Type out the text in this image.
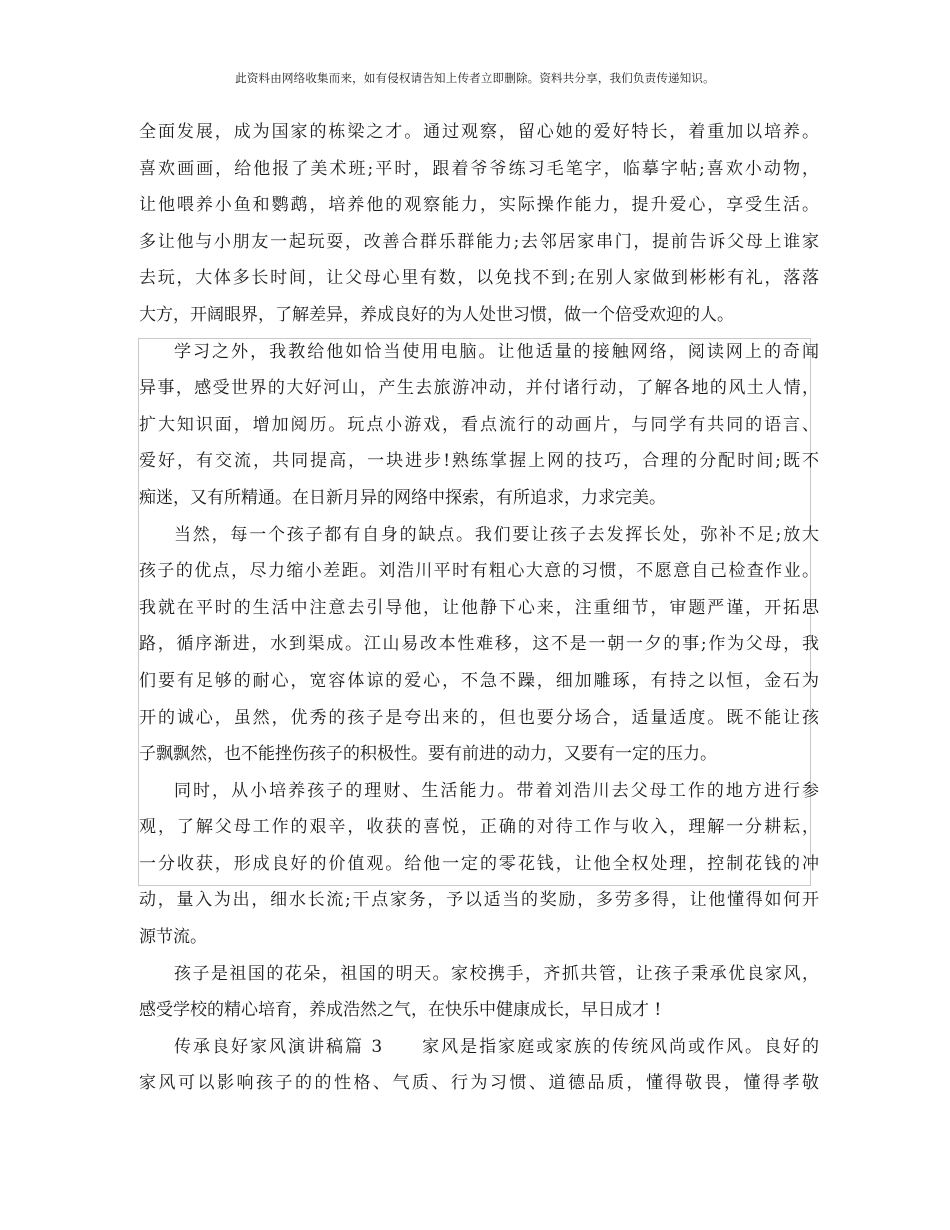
此资料由网络收集而来，如有侵权请告知上传者立即删除。资料共分享，我们负责传递知识。
全面发展，成为国家的栋梁之才。通过观察，留心她的爱好特长，着重加以培养。
喜欢画画，给他报了美术班;平时，跟着爷爷练习毛笔字，临摹字帖;喜欢小动物，
让他喂养小鱼和鹦鹉，培养他的观察能力，实际操作能力，提升爱心，享受生活。
多让他与小朋友一起玩耍，改善合群乐群能力;去邻居家串门，提前告诉父母上谁家
去玩，大体多长时间，让父母心里有数，以免找不到;在别人家做到彬彬有礼，落落
大方，开阔眼界，了解差异，养成良好的为人处世习惯，做一个倍受欢迎的人。
学习之外，我教给他如恰当使用电脑。让他适量的接触网络，阅读网上的奇闻
异事，感受世界的大好河山，产生去旅游冲动，并付诸行动，了解各地的风土人情，
扩大知识面，增加阅历。玩点小游戏，看点流行的动画片，与同学有共同的语言、
爱好，有交流，共同提高，一块进步!熟练掌握上网的技巧，合理的分配时间;既不
痴迷，又有所精通。在日新月异的网络中探索，有所追求，力求完美。
当然，每一个孩子都有自身的缺点。我们要让孩子去发挥长处，弥补不足;放大
孩子的优点，尽力缩小差距。刘浩川平时有粗心大意的习惯，不愿意自己检查作业。
我就在平时的生活中注意去引导他，让他静下心来，注重细节，审题严谨，开拓思
路，循序渐进，水到渠成。江山易改本性难移，这不是一朝一夕的事;作为父母，我
们要有足够的耐心，宽容体谅的爱心，不急不躁，细加雕琢，有持之以恒，金石为
开的诚心，虽然，优秀的孩子是夸出来的，但也要分场合，适量适度。既不能让孩
子飘飘然，也不能挫伤孩子的积极性。要有前进的动力，又要有一定的压力。
同时，从小培养孩子的理财、生活能力。带着刘浩川去父母工作的地方进行参
观，了解父母工作的艰辛，收获的喜悦，正确的对待工作与收入，理解一分耕耘，
一分收获，形成良好的价值观。给他一定的零花钱，让他全权处理，控制花钱的冲
动，量入为出，细水长流;干点家务，予以适当的奖励，多劳多得，让他懂得如何开
源节流。
孩子是祖国的花朵，祖国的明天。家校携手，齐抓共管，让孩子秉承优良家风，
感受学校的精心培育，养成浩然之气，在快乐中健康成长，早日成才 !
传承良好家风演讲稿篇 3　　家风是指家庭或家族的传统风尚或作风。良好的
家风可以影响孩子的的性格、气质、行为习惯、道德品质，懂得敬畏，懂得孝敬
